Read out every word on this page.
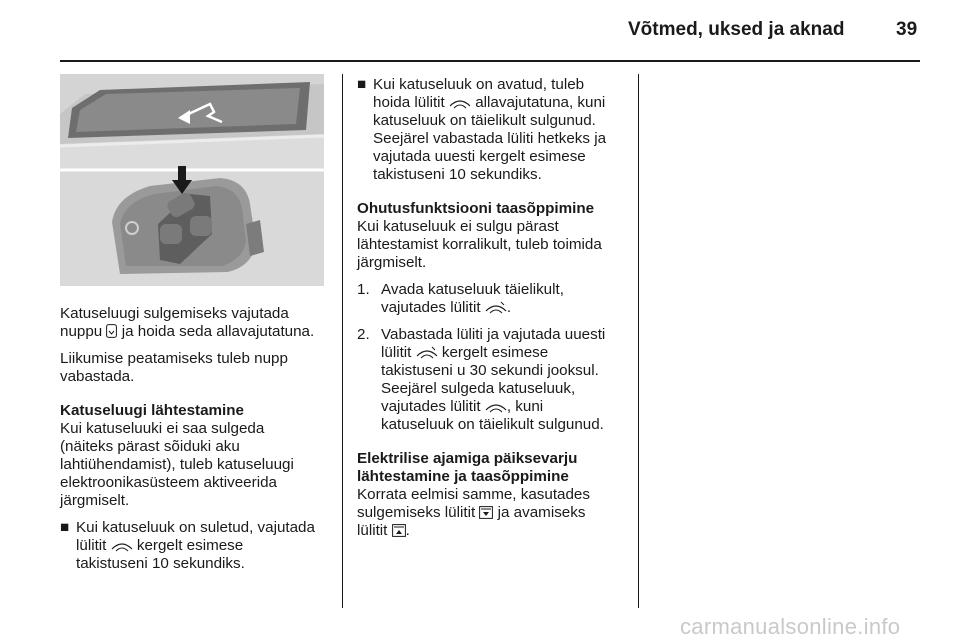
Võtmed, uksed ja aknad	39

Katuseluugi sulgemiseks vajutada
nuppu ja hoida seda allavajutatuna.

Liikumise peatamiseks tuleb nupp
vabastada.

Katuseluugi lähtestamine

Kui katuseluuki ei saa sulgeda
(näiteks pärast sõiduki aku
lahtiühendamist), tuleb katuseluugi
elektroonikasüsteem aktiveerida
järgmiselt.

■ Kui katuseluuk on suletud, vajutada
lülitit kergelt esimese
takistuseni 10 sekundiks.
■ Kui katuseluuk on avatud, tuleb
hoida lülitit allavajutatuna, kuni
katuseluuk on täielikult sulgunud.
Seejärel vabastada lüliti hetkeks ja
vajutada uuesti kergelt esimese
takistuseni 10 sekundiks.
Ohutusfunktsiooni taasõppimine

Kui katuseluuk ei sulgu pärast
lähtestamist korralikult, tuleb toimida
järgmiselt.

1. Avada katuseluuk täielikult,
vajutades lülitit .
2. Vabastada lüliti ja vajutada uuesti
lülitit kergelt esimese
takistuseni u 30 sekundi jooksul.
Seejärel sulgeda katuseluuk,
vajutades lülitit , kuni
katuseluuk on täielikult sulgunud.
Elektrilise ajamiga päiksevarju
lähtestamine ja taasõppimine

Korrata eelmisi samme, kasutades
sulgemiseks lülitit ja avamiseks
lülitit .

carmanualsonline.info
